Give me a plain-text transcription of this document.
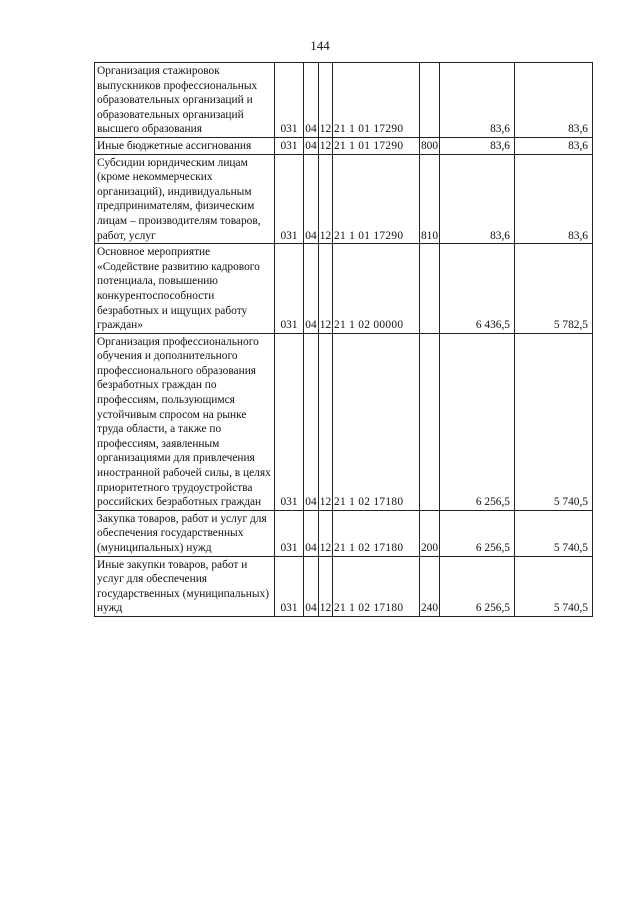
144
Организация стажировок выпускников профессиональных образовательных организаций и образовательных организаций высшего образования	031	04	12	21 1 01 17290		83,6	83,6
Иные бюджетные ассигнования	031	04	12	21 1 01 17290	800	83,6	83,6
Субсидии юридическим лицам (кроме некоммерческих организаций), индивидуальным предпринимателям, физическим лицам – производителям товаров, работ, услуг	031	04	12	21 1 01 17290	810	83,6	83,6
Основное мероприятие «Содействие развитию кадрового потенциала, повышению конкурентоспособности безработных и ищущих работу граждан»	031	04	12	21 1 02 00000		6 436,5	5 782,5
Организация профессионального обучения и дополнительного профессионального образования безработных граждан по профессиям, пользующимся устойчивым спросом на рынке труда области, а также по профессиям, заявленным организациями для привлечения иностранной рабочей силы, в целях приоритетного трудоустройства российских безработных граждан	031	04	12	21 1 02 17180		6 256,5	5 740,5
Закупка товаров, работ и услуг для обеспечения государственных (муниципальных) нужд	031	04	12	21 1 02 17180	200	6 256,5	5 740,5
Иные закупки товаров, работ и услуг для обеспечения государственных (муниципальных) нужд	031	04	12	21 1 02 17180	240	6 256,5	5 740,5
